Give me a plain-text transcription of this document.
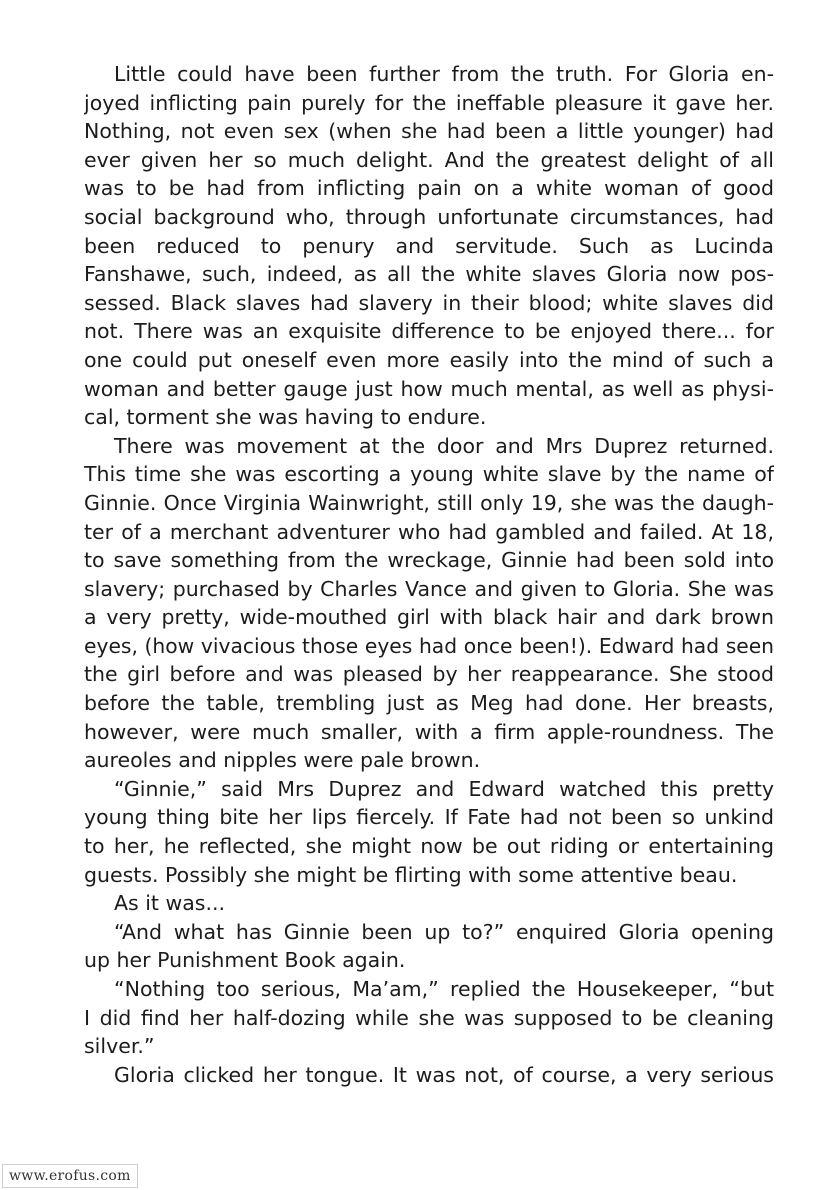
Little could have been further from the truth. For Gloria en-
joyed inflicting pain purely for the ineffable pleasure it gave her.
Nothing, not even sex (when she had been a little younger) had
ever given her so much delight. And the greatest delight of all
was to be had from inflicting pain on a white woman of good
social background who, through unfortunate circumstances, had
been reduced to penury and servitude. Such as Lucinda
Fanshawe, such, indeed, as all the white slaves Gloria now pos-
sessed. Black slaves had slavery in their blood; white slaves did
not. There was an exquisite difference to be enjoyed there... for
one could put oneself even more easily into the mind of such a
woman and better gauge just how much mental, as well as physi-
cal, torment she was having to endure.
There was movement at the door and Mrs Duprez returned.
This time she was escorting a young white slave by the name of
Ginnie. Once Virginia Wainwright, still only 19, she was the daugh-
ter of a merchant adventurer who had gambled and failed. At 18,
to save something from the wreckage, Ginnie had been sold into
slavery; purchased by Charles Vance and given to Gloria. She was
a very pretty, wide-mouthed girl with black hair and dark brown
eyes, (how vivacious those eyes had once been!). Edward had seen
the girl before and was pleased by her reappearance. She stood
before the table, trembling just as Meg had done. Her breasts,
however, were much smaller, with a firm apple-roundness. The
aureoles and nipples were pale brown.
“Ginnie,” said Mrs Duprez and Edward watched this pretty
young thing bite her lips fiercely. If Fate had not been so unkind
to her, he reflected, she might now be out riding or entertaining
guests. Possibly she might be flirting with some attentive beau.
As it was...
“And what has Ginnie been up to?” enquired Gloria opening
up her Punishment Book again.
“Nothing too serious, Ma’am,” replied the Housekeeper, “but
I did find her half-dozing while she was supposed to be cleaning
silver.”
Gloria clicked her tongue. It was not, of course, a very serious
www.erofus.com
